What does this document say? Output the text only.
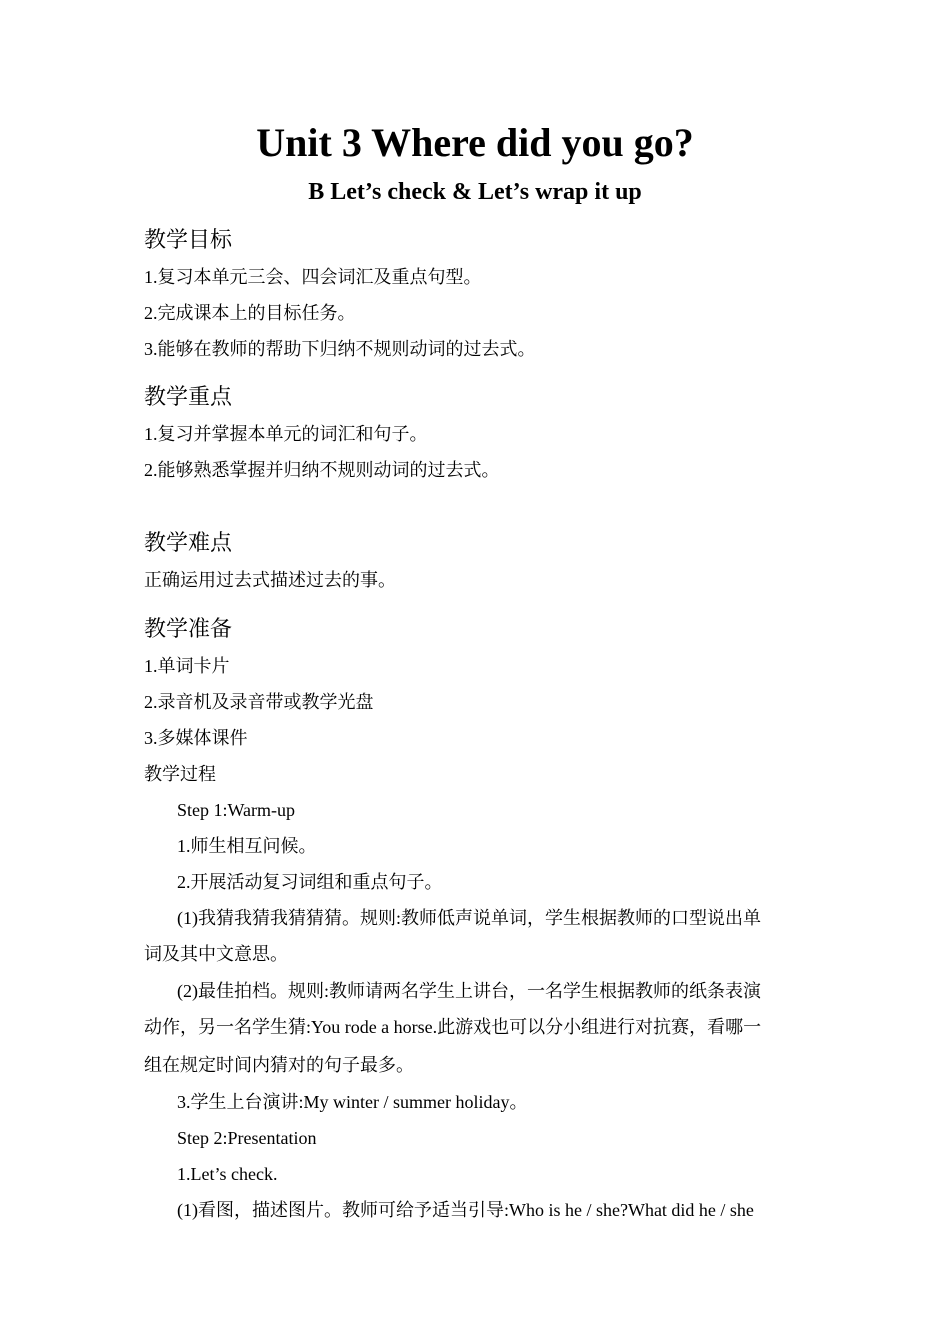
Unit 3 Where did you go?
B Let’s check & Let’s wrap it up
教学目标
1.复习本单元三会、四会词汇及重点句型。
2.完成课本上的目标任务。
3.能够在教师的帮助下归纳不规则动词的过去式。
教学重点
1.复习并掌握本单元的词汇和句子。
2.能够熟悉掌握并归纳不规则动词的过去式。
教学难点
正确运用过去式描述过去的事。
教学准备
1.单词卡片
2.录音机及录音带或教学光盘
3.多媒体课件
教学过程
Step 1:Warm-up
1.师生相互问候。
2.开展活动复习词组和重点句子。
(1)我猜我猜我猜猜猜。规则:教师低声说单词，学生根据教师的口型说出单
词及其中文意思。
(2)最佳拍档。规则:教师请两名学生上讲台，一名学生根据教师的纸条表演
动作，另一名学生猜:You rode a horse.此游戏也可以分小组进行对抗赛，看哪一
组在规定时间内猜对的句子最多。
3.学生上台演讲:My winter / summer holiday。
Step 2:Presentation
1.Let’s check.
(1)看图，描述图片。教师可给予适当引导:Who is he / she?What did he / she
